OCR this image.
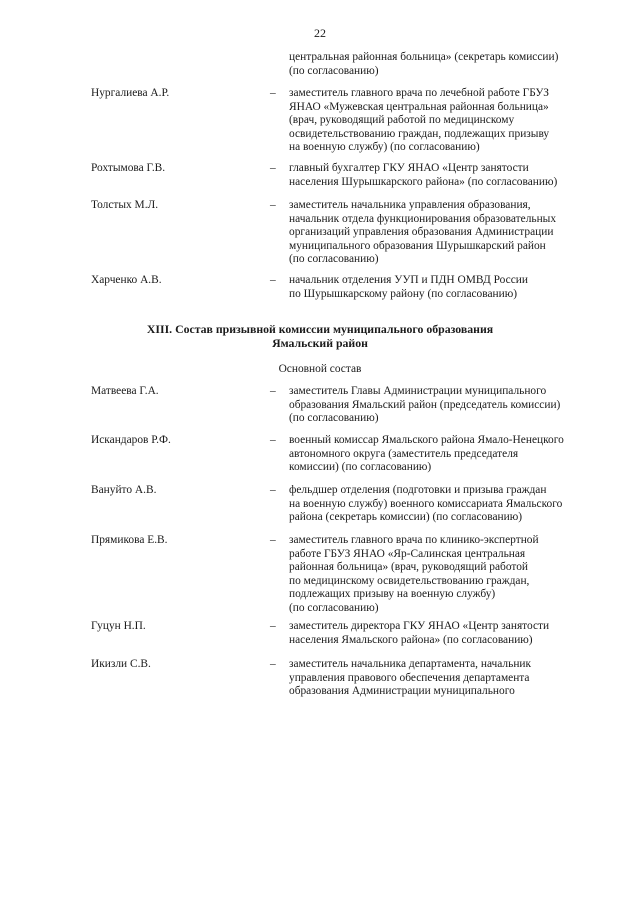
22
центральная районная больница» (секретарь комиссии)
(по согласованию)
Нургалиева А.Р.	– заместитель главного врача по лечебной работе ГБУЗ
ЯНАО «Мужевская центральная районная больница»
(врач, руководящий работой по медицинскому
освидетельствованию граждан, подлежащих призыву
на военную службу) (по согласованию)
Рохтымова Г.В.	– главный бухгалтер ГКУ ЯНАО «Центр занятости
населения Шурышкарского района» (по согласованию)
Толстых М.Л.	– заместитель начальника управления образования,
начальник отдела функционирования образовательных
организаций управления образования Администрации
муниципального образования Шурышкарский район
(по согласованию)
Харченко А.В.	– начальник отделения УУП и ПДН ОМВД России
по Шурышкарскому району (по согласованию)
XIII. Состав призывной комиссии муниципального образования
Ямальский район
Основной состав
Матвеева Г.А.	– заместитель Главы Администрации муниципального
образования Ямальский район (председатель комиссии)
(по согласованию)
Искандаров Р.Ф.	– военный комиссар Ямальского района Ямало-Ненецкого
автономного округа (заместитель председателя
комиссии) (по согласованию)
Вануйто А.В.	– фельдшер отделения (подготовки и призыва граждан
на военную службу) военного комиссариата Ямальского
района (секретарь комиссии) (по согласованию)
Прямикова Е.В.	– заместитель главного врача по клинико-экспертной
работе ГБУЗ ЯНАО «Яр-Салинская центральная
районная больница» (врач, руководящий работой
по медицинскому освидетельствованию граждан,
подлежащих призыву на военную службу)
(по согласованию)
Гуцун Н.П.	– заместитель директора ГКУ ЯНАО «Центр занятости
населения Ямальского района» (по согласованию)
Икизли С.В.	– заместитель начальника департамента, начальник
управления правового обеспечения департамента
образования Администрации муниципального
